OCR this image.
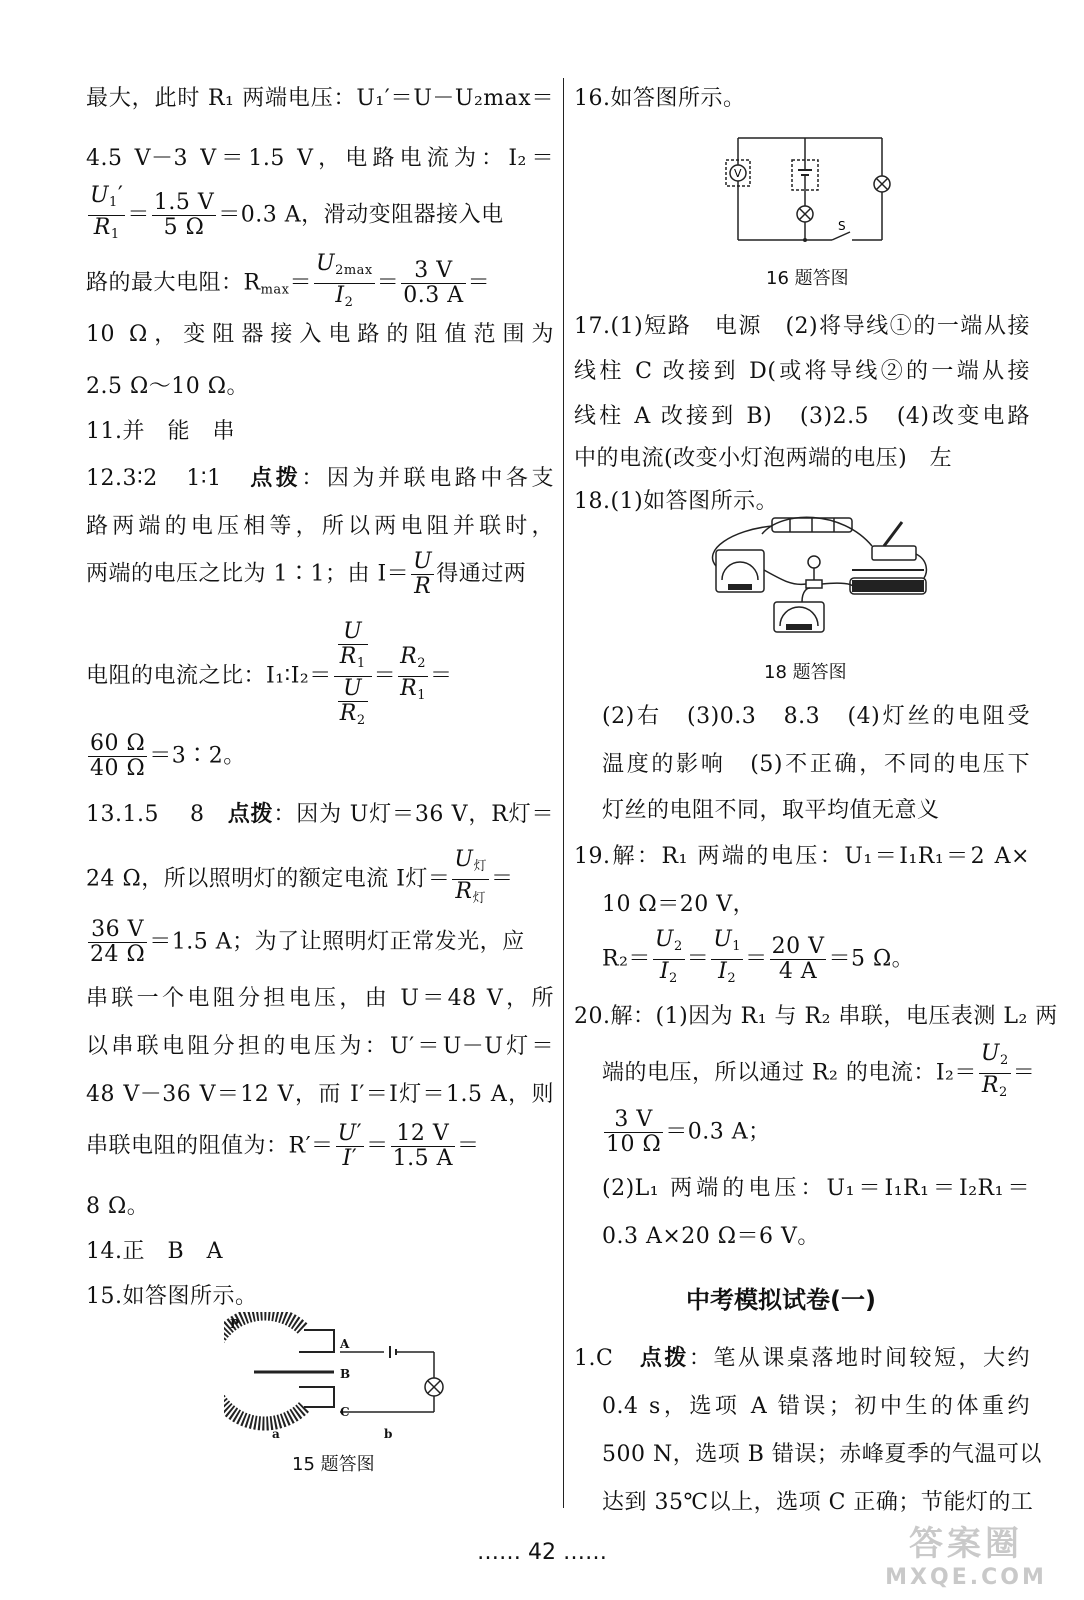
最大，此时 R₁ 两端电压：U₁′＝U－U₂max＝
4.5 V－3 V＝1.5 V，电路电流为：I₂＝
$\frac{U_1'}{R_1} = \frac{1.5 V}{5 \Omega} =0.3$ A，滑动变阻器接入电
路的最大电阻：$R_{max}= \frac{U_{2max}}{I_2} = \frac{3 V}{0.3 A}$ ＝
10 Ω，变阻器接入电路的阻值范围为
2.5 Ω～10 Ω。
11.并　能　串
12.3∶2　1∶1　点拨：因为并联电路中各支
路两端的电压相等，所以两电阻并联时，
两端的电压之比为 1∶1；由 $I= \frac{U}{R}$ 得通过两
电阻的电流之比：I₁∶I₂＝ $\frac{\frac{U}{R_1}}{\frac{U}{R_2}} = \frac{R_2}{R_1}$ ＝
$\frac{60 \Omega}{40 \Omega}$ ＝3∶2。
13.1.5　 8　点拨：因为 U灯＝36 V，R灯＝
24 Ω，所以照明灯的额定电流 I灯＝ $\frac{U_灯}{R_灯}$ ＝
$\frac{36 V}{24 \Omega} =1.5$ A；为了让照明灯正常发光，应
串联一个电阻分担电压，由 U＝48 V，所
以串联电阻分担的电压为：U′＝U－U灯＝
48 V－36 V＝12 V，而 I′＝I灯＝1.5 A，则
串联电阻的阻值为：$R'= \frac{U'}{I'} = \frac{12 V}{1.5 A}$ ＝
8 Ω。
14.正　B　A
15.如答图所示。
P
A
B
C
a	b
15 题答图
16.如答图所示。
V
S
16 题答图
17.(1)短路　电源　(2)将导线①的一端从接
线柱 C 改接到 D(或将导线②的一端从接
线柱 A 改接到 B)　(3)2.5　(4)改变电路
中的电流(改变小灯泡两端的电压)　左
18.(1)如答图所示。
18 题答图
(2)右　(3)0.3　8.3　(4)灯丝的电阻受
温度的影响　(5)不正确，不同的电压下
灯丝的电阻不同，取平均值无意义
19.解：R₁ 两端的电压：U₁＝I₁R₁＝2 A×
10 Ω＝20 V，
$R_2= \frac{U_2}{I_2} = \frac{U_1}{I_2} = \frac{20 V}{4 A} =5$ Ω。
20.解：(1)因为 R₁ 与 R₂ 串联，电压表测 L₂ 两
端的电压，所以通过 R₂ 的电流：$I_2= \frac{U_2}{R_2}$ ＝
$\frac{3 V}{10 \Omega} =0.3$ A；
(2)L₁ 两端的电压：U₁＝I₁R₁＝I₂R₁＝
0.3 A×20 Ω＝6 V。
中考模拟试卷(一)
1.C　点拨：笔从课桌落地时间较短，大约
0.4 s，选项 A 错误；初中生的体重约
500 N，选项 B 错误；赤峰夏季的气温可以
达到 35℃以上，选项 C 正确；节能灯的工
…… 42 ……	答案圈
MXQE.COM
